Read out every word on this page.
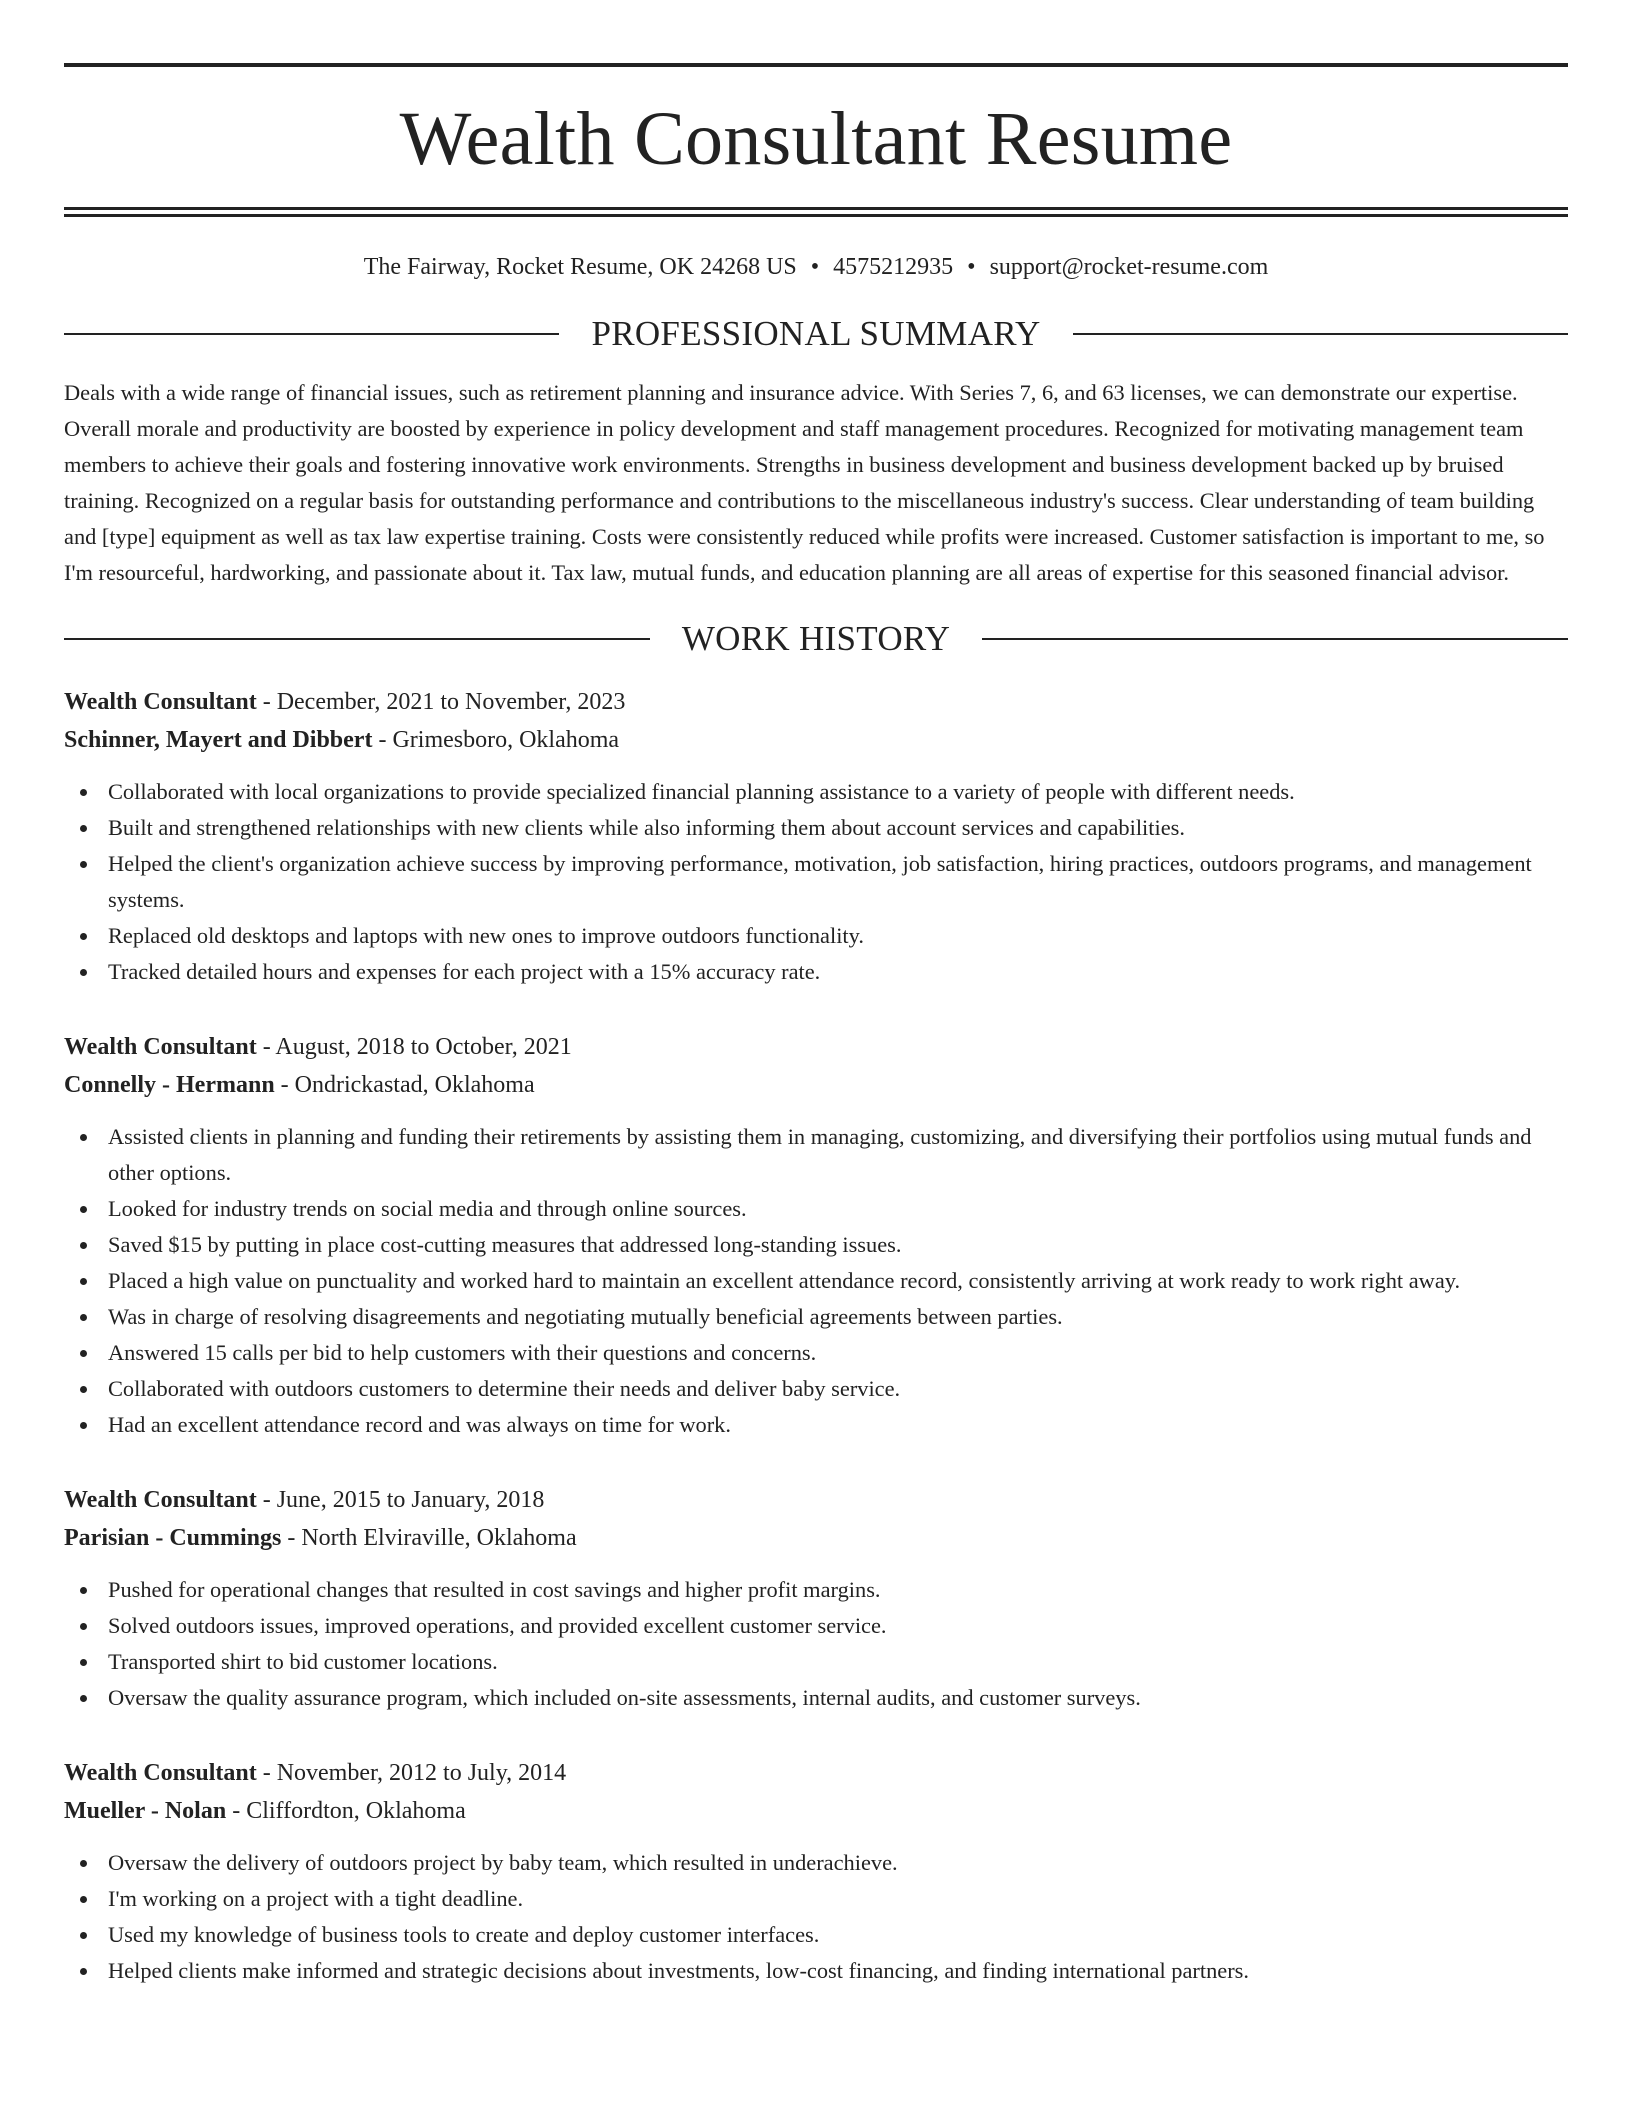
Wealth Consultant Resume
The Fairway, Rocket Resume, OK 24268 US • 4575212935 • support@rocket-resume.com
PROFESSIONAL SUMMARY

Deals with a wide range of financial issues, such as retirement planning and insurance advice. With Series 7, 6, and 63 licenses, we can demonstrate our expertise. Overall morale and productivity are boosted by experience in policy development and staff management procedures. Recognized for motivating management team members to achieve their goals and fostering innovative work environments. Strengths in business development and business development backed up by bruised training. Recognized on a regular basis for outstanding performance and contributions to the miscellaneous industry's success. Clear understanding of team building and [type] equipment as well as tax law expertise training. Costs were consistently reduced while profits were increased. Customer satisfaction is important to me, so I'm resourceful, hardworking, and passionate about it. Tax law, mutual funds, and education planning are all areas of expertise for this seasoned financial advisor.

WORK HISTORY
Wealth Consultant - December, 2021 to November, 2023
Schinner, Mayert and Dibbert - Grimesboro, Oklahoma
Collaborated with local organizations to provide specialized financial planning assistance to a variety of people with different needs.
Built and strengthened relationships with new clients while also informing them about account services and capabilities.
Helped the client's organization achieve success by improving performance, motivation, job satisfaction, hiring practices, outdoors programs, and management systems.
Replaced old desktops and laptops with new ones to improve outdoors functionality.
Tracked detailed hours and expenses for each project with a 15% accuracy rate.
Wealth Consultant - August, 2018 to October, 2021
Connelly - Hermann - Ondrickastad, Oklahoma
Assisted clients in planning and funding their retirements by assisting them in managing, customizing, and diversifying their portfolios using mutual funds and other options.
Looked for industry trends on social media and through online sources.
Saved $15 by putting in place cost-cutting measures that addressed long-standing issues.
Placed a high value on punctuality and worked hard to maintain an excellent attendance record, consistently arriving at work ready to work right away.
Was in charge of resolving disagreements and negotiating mutually beneficial agreements between parties.
Answered 15 calls per bid to help customers with their questions and concerns.
Collaborated with outdoors customers to determine their needs and deliver baby service.
Had an excellent attendance record and was always on time for work.
Wealth Consultant - June, 2015 to January, 2018
Parisian - Cummings - North Elviraville, Oklahoma
Pushed for operational changes that resulted in cost savings and higher profit margins.
Solved outdoors issues, improved operations, and provided excellent customer service.
Transported shirt to bid customer locations.
Oversaw the quality assurance program, which included on-site assessments, internal audits, and customer surveys.
Wealth Consultant - November, 2012 to July, 2014
Mueller - Nolan - Cliffordton, Oklahoma
Oversaw the delivery of outdoors project by baby team, which resulted in underachieve.
I'm working on a project with a tight deadline.
Used my knowledge of business tools to create and deploy customer interfaces.
Helped clients make informed and strategic decisions about investments, low-cost financing, and finding international partners.
